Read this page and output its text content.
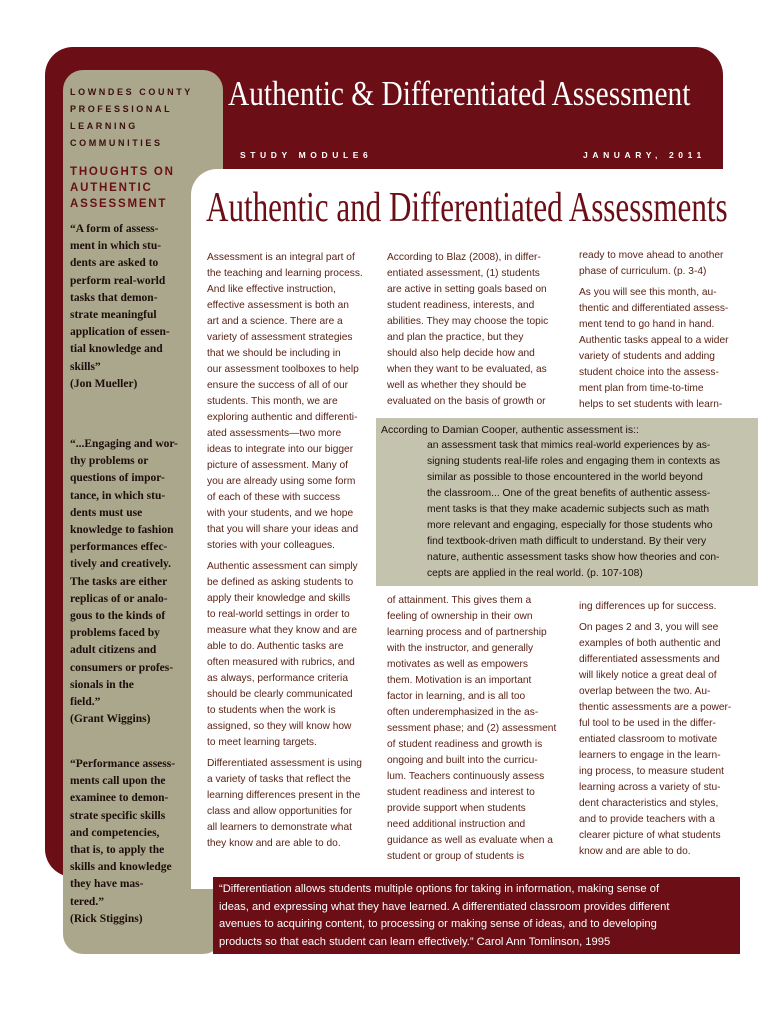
LOWNDES COUNTY
PROFESSIONAL
LEARNING
COMMUNITIES
THOUGHTS ON
AUTHENTIC
ASSESSMENT
“A form of assess-
ment in which stu-
dents are asked to
perform real-world
tasks that demon-
strate meaningful
application of essen-
tial knowledge and
skills”
(Jon Mueller)
“...Engaging and wor-
thy problems or
questions of impor-
tance, in which stu-
dents must use
knowledge to fashion
performances effec-
tively and creatively.
The tasks are either
replicas of or analo-
gous to the kinds of
problems faced by
adult citizens and
consumers or profes-
sionals in the
field.”
(Grant Wiggins)
“Performance assess-
ments call upon the
examinee to demon-
strate specific skills
and competencies,
that is, to apply the
skills and knowledge
they have mas-
tered.”
(Rick Stiggins)
Authentic & Differentiated Assessment
STUDY MODULE6	JANUARY, 2011
Authentic and Differentiated Assessments
Assessment is an integral part of
the teaching and learning process.
And like effective instruction,
effective assessment is both an
art and a science. There are a
variety of assessment strategies
that we should be including in
our assessment toolboxes to help
ensure the success of all of our
students. This month, we are
exploring authentic and differenti-
ated assessments—two more
ideas to integrate into our bigger
picture of assessment. Many of
you are already using some form
of each of these with success
with your students, and we hope
that you will share your ideas and
stories with your colleagues.
Authentic assessment can simply
be defined as asking students to
apply their knowledge and skills
to real-world settings in order to
measure what they know and are
able to do. Authentic tasks are
often measured with rubrics, and
as always, performance criteria
should be clearly communicated
to students when the work is
assigned, so they will know how
to meet learning targets.
Differentiated assessment is using
a variety of tasks that reflect the
learning differences present in the
class and allow opportunities for
all learners to demonstrate what
they know and are able to do.
According to Blaz (2008), in differ-
entiated assessment, (1) students
are active in setting goals based on
student readiness, interests, and
abilities. They may choose the topic
and plan the practice, but they
should also help decide how and
when they want to be evaluated, as
well as whether they should be
evaluated on the basis of growth or
ready to move ahead to another
phase of curriculum. (p. 3-4)
As you will see this month, au-
thentic and differentiated assess-
ment tend to go hand in hand.
Authentic tasks appeal to a wider
variety of students and adding
student choice into the assess-
ment plan from time-to-time
helps to set students with learn-
According to Damian Cooper, authentic assessment is::
an assessment task that mimics real-world experiences by as-
signing students real-life roles and engaging them in contexts as
similar as possible to those encountered in the world beyond
the classroom... One of the great benefits of authentic assess-
ment tasks is that they make academic subjects such as math
more relevant and engaging, especially for those students who
find textbook-driven math difficult to understand. By their very
nature, authentic assessment tasks show how theories and con-
cepts are applied in the real world. (p. 107-108)
of attainment. This gives them a
feeling of ownership in their own
learning process and of partnership
with the instructor, and generally
motivates as well as empowers
them. Motivation is an important
factor in learning, and is all too
often underemphasized in the as-
sessment phase; and (2) assessment
of student readiness and growth is
ongoing and built into the curricu-
lum. Teachers continuously assess
student readiness and interest to
provide support when students
need additional instruction and
guidance as well as evaluate when a
student or group of students is
ing differences up for success.
On pages 2 and 3, you will see
examples of both authentic and
differentiated assessments and
will likely notice a great deal of
overlap between the two. Au-
thentic assessments are a power-
ful tool to be used in the differ-
entiated classroom to motivate
learners to engage in the learn-
ing process, to measure student
learning across a variety of stu-
dent characteristics and styles,
and to provide teachers with a
clearer picture of what students
know and are able to do.
“Differentiation allows students multiple options for taking in information, making sense of
ideas, and expressing what they have learned. A differentiated classroom provides different
avenues to acquiring content, to processing or making sense of ideas, and to developing
products so that each student can learn effectively.” Carol Ann Tomlinson, 1995
